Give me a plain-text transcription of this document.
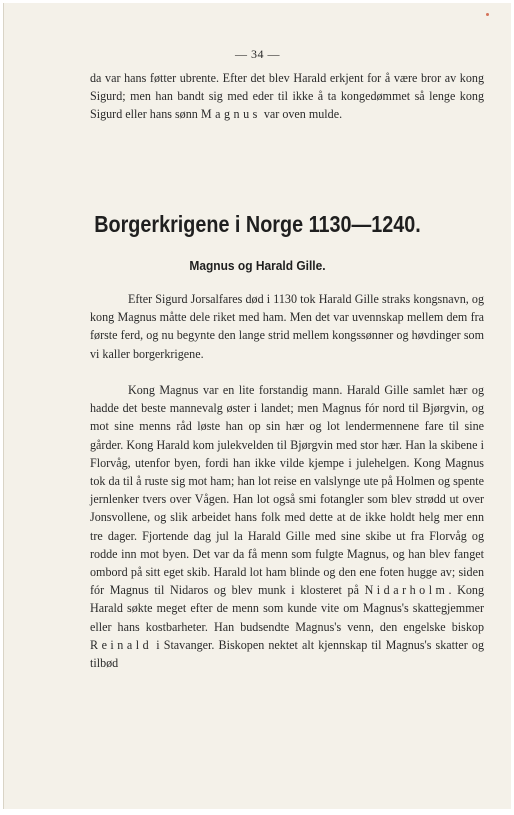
— 34 —

da var hans føtter ubrente. Efter det blev Harald erkjent for å være bror av kong Sigurd; men han bandt sig med eder til ikke å ta kongedømmet så lenge kong Sigurd eller hans sønn Magnus var oven mulde.

Borgerkrigene i Norge 1130—1240.
Magnus og Harald Gille.

Efter Sigurd Jorsalfares død i 1130 tok Harald Gille straks kongsnavn, og kong Magnus måtte dele riket med ham. Men det var uvennskap mellem dem fra første ferd, og nu begynte den lange strid mellem kongssønner og høvdinger som vi kaller borgerkrigene.

Kong Magnus var en lite forstandig mann. Harald Gille samlet hær og hadde det beste mannevalg øster i landet; men Magnus fór nord til Bjørgvin, og mot sine menns råd løste han op sin hær og lot lendermennene fare til sine gårder. Kong Harald kom julekvelden til Bjørgvin med stor hær. Han la skibene i Florvåg, utenfor byen, fordi han ikke vilde kjempe i julehelgen. Kong Magnus tok da til å ruste sig mot ham; han lot reise en valslynge ute på Holmen og spente jernlenker tvers over Vågen. Han lot også smi fotangler som blev strødd ut over Jonsvollene, og slik arbeidet hans folk med dette at de ikke holdt helg mer enn tre dager. Fjortende dag jul la Harald Gille med sine skibe ut fra Florvåg og rodde inn mot byen. Det var da få menn som fulgte Magnus, og han blev fanget ombord på sitt eget skib. Harald lot ham blinde og den ene foten hugge av; siden fór Magnus til Nidaros og blev munk i klosteret på Nidarholm. Kong Harald søkte meget efter de menn som kunde vite om Magnus's skattegjemmer eller hans kostbarheter. Han budsendte Magnus's venn, den engelske biskop Reinald i Stavanger. Biskopen nektet alt kjennskap til Magnus's skatter og tilbød
